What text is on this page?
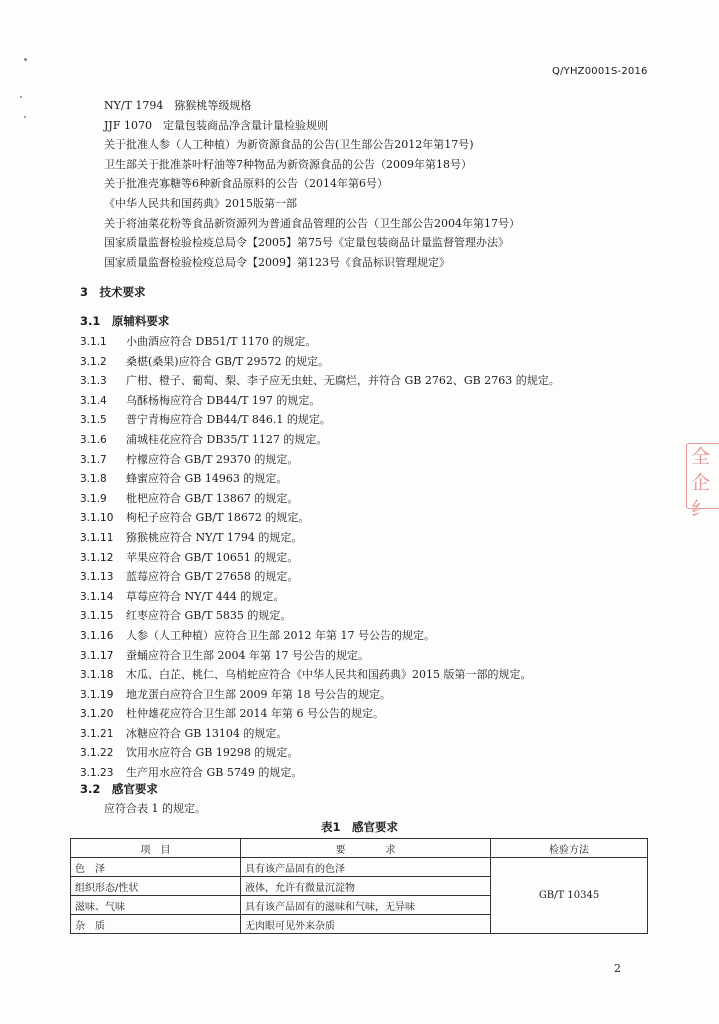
Q/YHZ0001S-2016
NY/T 1794　猕猴桃等级规格
JJF 1070　定量包装商品净含量计量检验规则
关于批准人参（人工种植）为新资源食品的公告(卫生部公告2012年第17号)
卫生部关于批准茶叶籽油等7种物品为新资源食品的公告（2009年第18号）
关于批准壳寡糖等6种新食品原料的公告（2014年第6号）
《中华人民共和国药典》2015版第一部
关于将油菜花粉等食品新资源列为普通食品管理的公告（卫生部公告2004年第17号）
国家质量监督检验检疫总局令【2005】第75号《定量包装商品计量监督管理办法》
国家质量监督检验检疫总局令【2009】第123号《食品标识管理规定》
3　技术要求
3.1　原辅料要求
3.1.1 小曲酒应符合 DB51/T 1170 的规定。
3.1.2 桑椹(桑果)应符合 GB/T 29572 的规定。
3.1.3 广柑、橙子、葡萄、梨、李子应无虫蛀、无腐烂，并符合 GB 2762、GB 2763 的规定。
3.1.4 乌酥杨梅应符合 DB44/T 197 的规定。
3.1.5 普宁青梅应符合 DB44/T 846.1 的规定。
3.1.6 浦城桂花应符合 DB35/T 1127 的规定。
3.1.7 柠檬应符合 GB/T 29370 的规定。
3.1.8 蜂蜜应符合 GB 14963 的规定。
3.1.9 枇杷应符合 GB/T 13867 的规定。
3.1.10 枸杞子应符合 GB/T 18672 的规定。
3.1.11 猕猴桃应符合 NY/T 1794 的规定。
3.1.12 苹果应符合 GB/T 10651 的规定。
3.1.13 蓝莓应符合 GB/T 27658 的规定。
3.1.14 草莓应符合 NY/T 444 的规定。
3.1.15 红枣应符合 GB/T 5835 的规定。
3.1.16 人参（人工种植）应符合卫生部 2012 年第 17 号公告的规定。
3.1.17 蚕蛹应符合卫生部 2004 年第 17 号公告的规定。
3.1.18 木瓜、白芷、桃仁、乌梢蛇应符合《中华人民共和国药典》2015 版第一部的规定。
3.1.19 地龙蛋白应符合卫生部 2009 年第 18 号公告的规定。
3.1.20 杜仲雄花应符合卫生部 2014 年第 6 号公告的规定。
3.1.21 冰糖应符合 GB 13104 的规定。
3.1.22 饮用水应符合 GB 19298 的规定。
3.1.23 生产用水应符合 GB 5749 的规定。
3.2　感官要求
应符合表 1 的规定。
表1　感官要求
项　目	要　　　　求	检验方法
色　泽	具有该产品固有的色泽	GB/T 10345
组织形态/性状	液体，允许有微量沉淀物	
滋味、气味	具有该产品固有的滋味和气味，无异味	
杂　质	无肉眼可见外来杂质	
2
全企
纟
